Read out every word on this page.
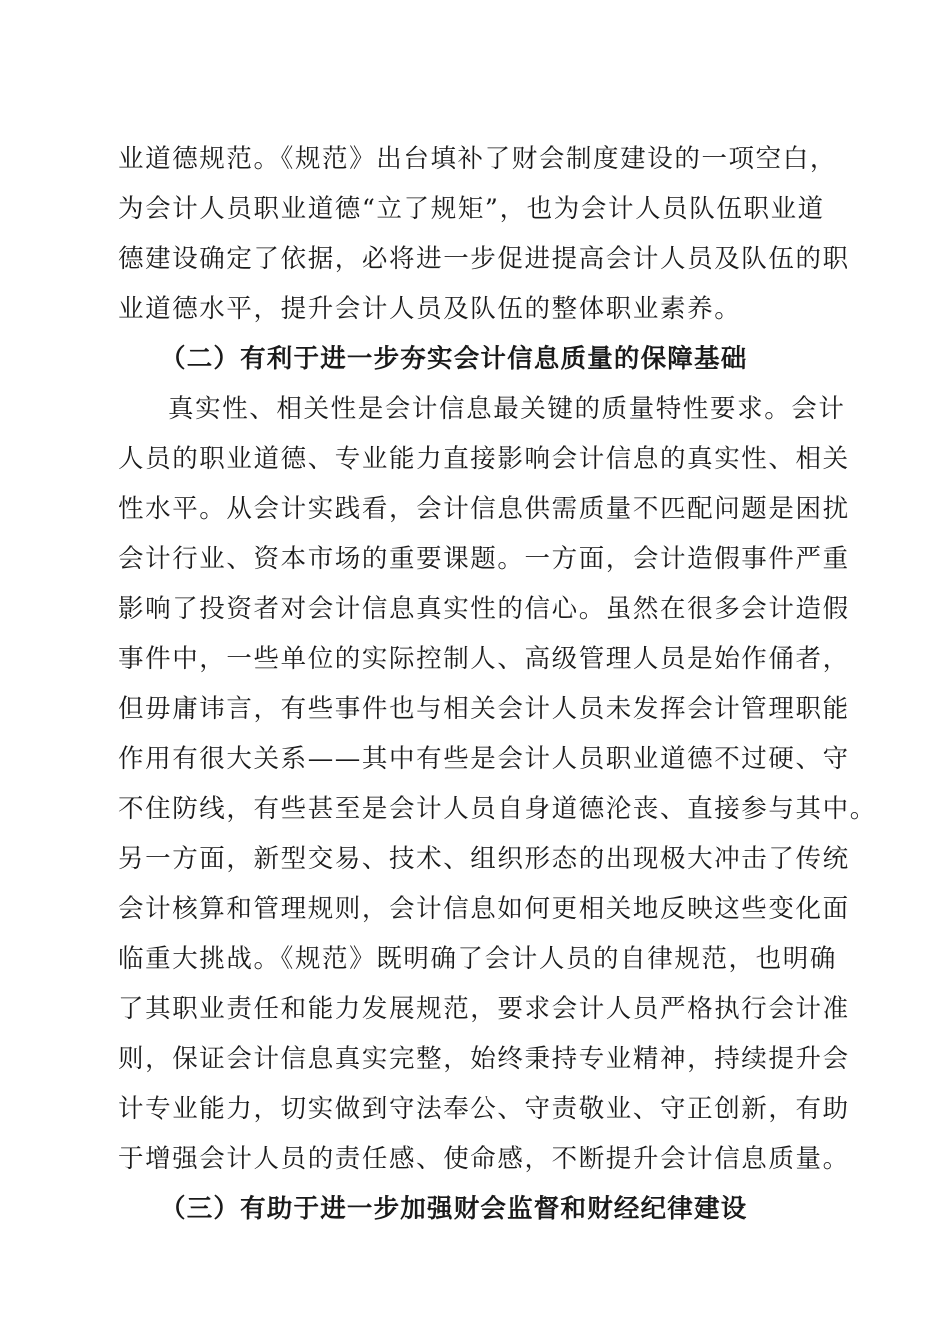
业道德规范。《规范》出台填补了财会制度建设的一项空白，
为会计人员职业道德“立了规矩”，也为会计人员队伍职业道
德建设确定了依据，必将进一步促进提高会计人员及队伍的职
业道德水平，提升会计人员及队伍的整体职业素养。
（二）有利于进一步夯实会计信息质量的保障基础
真实性、相关性是会计信息最关键的质量特性要求。会计
人员的职业道德、专业能力直接影响会计信息的真实性、相关
性水平。从会计实践看，会计信息供需质量不匹配问题是困扰
会计行业、资本市场的重要课题。一方面，会计造假事件严重
影响了投资者对会计信息真实性的信心。虽然在很多会计造假
事件中，一些单位的实际控制人、高级管理人员是始作俑者，
但毋庸讳言，有些事件也与相关会计人员未发挥会计管理职能
作用有很大关系——其中有些是会计人员职业道德不过硬、守
不住防线，有些甚至是会计人员自身道德沦丧、直接参与其中。
另一方面，新型交易、技术、组织形态的出现极大冲击了传统
会计核算和管理规则，会计信息如何更相关地反映这些变化面
临重大挑战。《规范》既明确了会计人员的自律规范，也明确
了其职业责任和能力发展规范，要求会计人员严格执行会计准
则，保证会计信息真实完整，始终秉持专业精神，持续提升会
计专业能力，切实做到守法奉公、守责敬业、守正创新，有助
于增强会计人员的责任感、使命感，不断提升会计信息质量。
（三）有助于进一步加强财会监督和财经纪律建设
